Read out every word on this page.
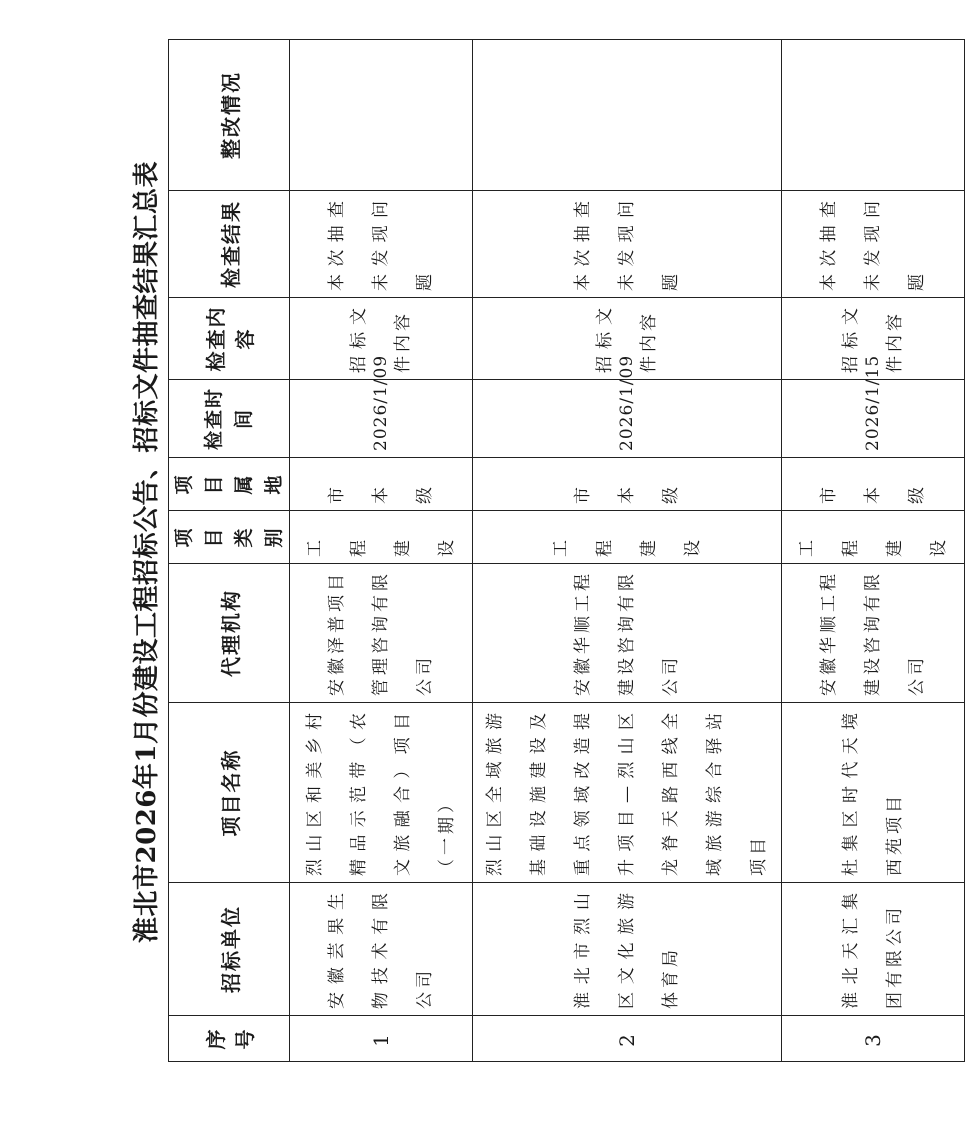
淮北市2026年1月份建设工程招标公告、招标文件抽查结果汇总表
序号	招标单位	项目名称	代理机构	项目类别	项目属地	检查时间	检查内容	检查结果	整改情况
1	安徽芸果生物技术有限公司	烈山区和美乡村精品示范带（农文旅融合）项目（一期）	安徽泽普项目管理咨询有限公司	工程建设	市本级	2026/1/09	招标文件内容	本次抽查未发现问题	
2	淮北市烈山区文化旅游体育局	烈山区全域旅游基础设施建设及重点领域改造提升项目—烈山区龙脊天路西线全域旅游综合驿站项目	安徽华顺工程建设咨询有限公司	工程建设	市本级	2026/1/09	招标文件内容	本次抽查未发现问题	
3	淮北天汇集团有限公司	杜集区时代天境西苑项目	安徽华顺工程建设咨询有限公司	工程建设	市本级	2026/1/15	招标文件内容	本次抽查未发现问题	
